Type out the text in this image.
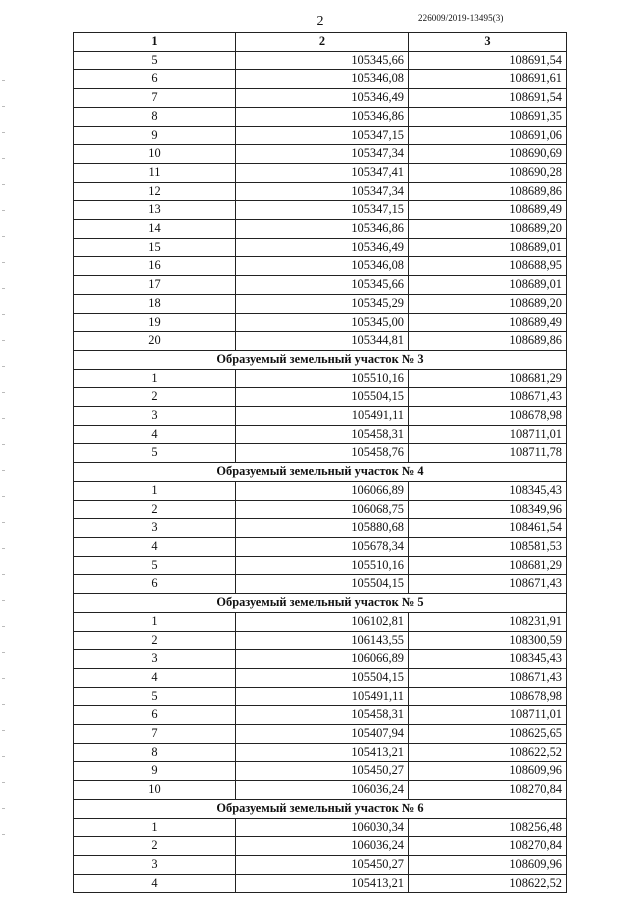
2	226009/2019-13495(3)
1	2	3
5	105345,66	108691,54
6	105346,08	108691,61
7	105346,49	108691,54
8	105346,86	108691,35
9	105347,15	108691,06
10	105347,34	108690,69
11	105347,41	108690,28
12	105347,34	108689,86
13	105347,15	108689,49
14	105346,86	108689,20
15	105346,49	108689,01
16	105346,08	108688,95
17	105345,66	108689,01
18	105345,29	108689,20
19	105345,00	108689,49
20	105344,81	108689,86
Образуемый земельный участок № 3		
1	105510,16	108681,29
2	105504,15	108671,43
3	105491,11	108678,98
4	105458,31	108711,01
5	105458,76	108711,78
Образуемый земельный участок № 4		
1	106066,89	108345,43
2	106068,75	108349,96
3	105880,68	108461,54
4	105678,34	108581,53
5	105510,16	108681,29
6	105504,15	108671,43
Образуемый земельный участок № 5		
1	106102,81	108231,91
2	106143,55	108300,59
3	106066,89	108345,43
4	105504,15	108671,43
5	105491,11	108678,98
6	105458,31	108711,01
7	105407,94	108625,65
8	105413,21	108622,52
9	105450,27	108609,96
10	106036,24	108270,84
Образуемый земельный участок № 6		
1	106030,34	108256,48
2	106036,24	108270,84
3	105450,27	108609,96
4	105413,21	108622,52
